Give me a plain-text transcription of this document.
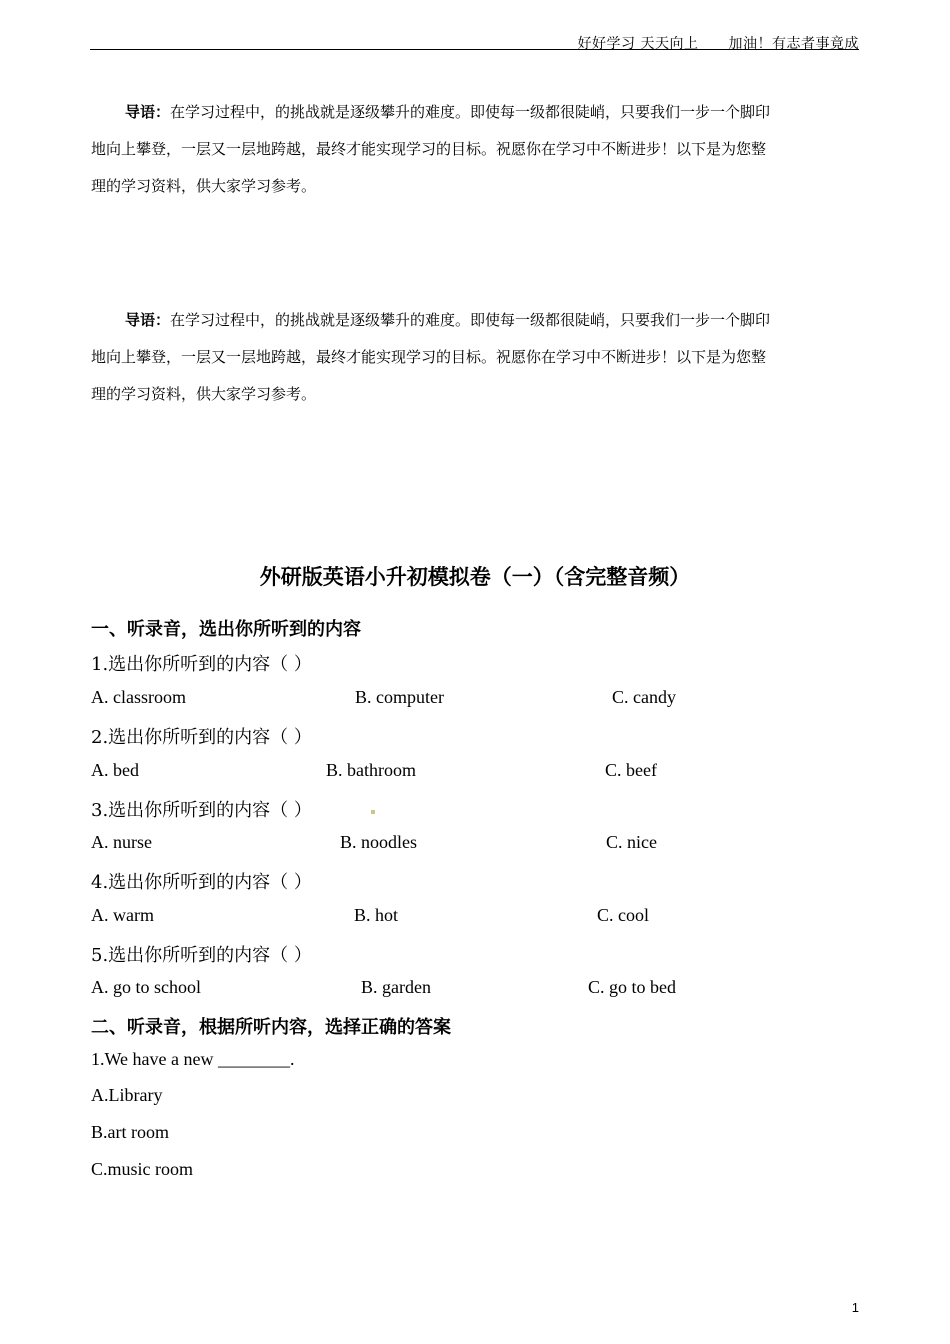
好好学习 天天向上 加油！有志者事竟成
导语：在学习过程中，的挑战就是逐级攀升的难度。即使每一级都很陡峭，只要我们一步一个脚印
地向上攀登，一层又一层地跨越，最终才能实现学习的目标。祝愿你在学习中不断进步！以下是为您整
理的学习资料，供大家学习参考。
导语：在学习过程中，的挑战就是逐级攀升的难度。即使每一级都很陡峭，只要我们一步一个脚印
地向上攀登，一层又一层地跨越，最终才能实现学习的目标。祝愿你在学习中不断进步！以下是为您整
理的学习资料，供大家学习参考。
外研版英语小升初模拟卷（一）（含完整音频）
一、听录音，选出你所听到的内容
1.选出你所听到的内容（ ）
A. classroom	B. computer	C. candy
2.选出你所听到的内容（ ）
A. bed	B. bathroom	C. beef
3.选出你所听到的内容（ ）
A. nurse	B. noodles	C. nice
4.选出你所听到的内容（ ）
A. warm	B. hot	C. cool
5.选出你所听到的内容（ ）
A. go to school	B. garden	C. go to bed
二、听录音，根据所听内容，选择正确的答案
1.We have a new ________.
A.Library
B.art room
C.music room
1
